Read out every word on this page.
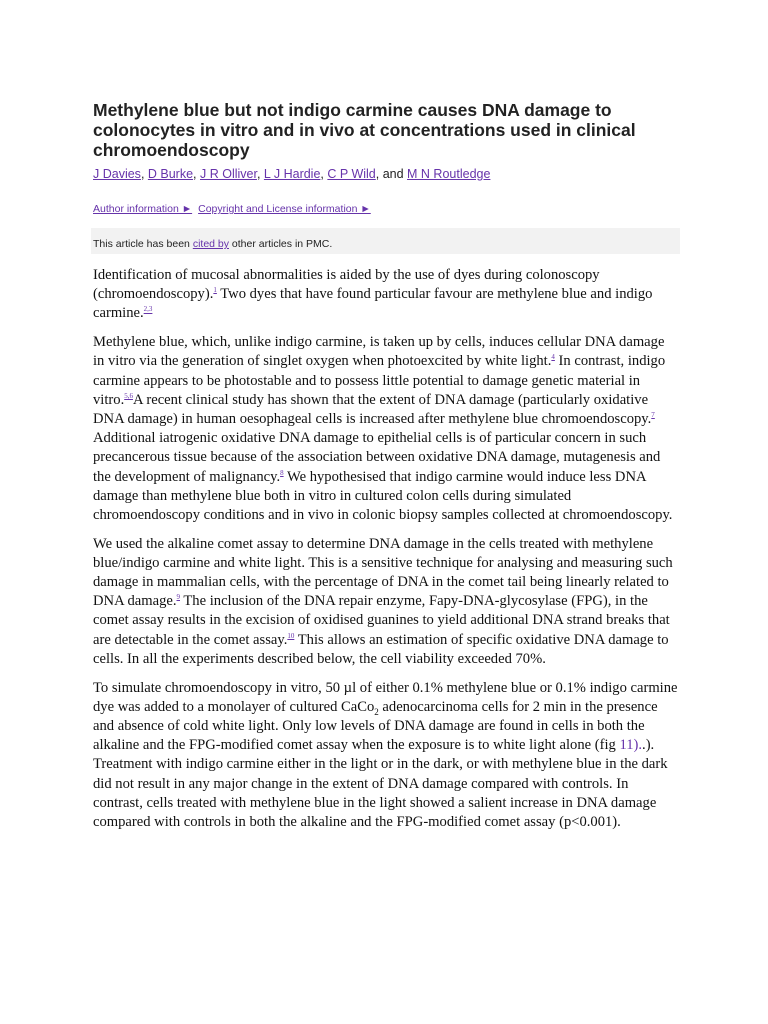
Methylene blue but not indigo carmine causes DNA damage to colonocytes in vitro and in vivo at concentrations used in clinical chromoendoscopy
J Davies, D Burke, J R Olliver, L J Hardie, C P Wild, and M N Routledge
Author information ► Copyright and License information ►
This article has been cited by other articles in PMC.

Identification of mucosal abnormalities is aided by the use of dyes during colonoscopy (chromoendoscopy).$^1$ Two dyes that have found particular favour are methylene blue and indigo carmine.$^{2,3}$

Methylene blue, which, unlike indigo carmine, is taken up by cells, induces cellular DNA damage in vitro via the generation of singlet oxygen when photoexcited by white light.$^4$ In contrast, indigo carmine appears to be photostable and to possess little potential to damage genetic material in vitro.$^{5,6}$A recent clinical study has shown that the extent of DNA damage (particularly oxidative DNA damage) in human oesophageal cells is increased after methylene blue chromoendoscopy.$^7$ Additional iatrogenic oxidative DNA damage to epithelial cells is of particular concern in such precancerous tissue because of the association between oxidative DNA damage, mutagenesis and the development of malignancy.$^8$ We hypothesised that indigo carmine would induce less DNA damage than methylene blue both in vitro in cultured colon cells during simulated chromoendoscopy conditions and in vivo in colonic biopsy samples collected at chromoendoscopy.

We used the alkaline comet assay to determine DNA damage in the cells treated with methylene blue/indigo carmine and white light. This is a sensitive technique for analysing and measuring such damage in mammalian cells, with the percentage of DNA in the comet tail being linearly related to DNA damage.$^9$ The inclusion of the DNA repair enzyme, Fapy-DNA-glycosylase (FPG), in the comet assay results in the excision of oxidised guanines to yield additional DNA strand breaks that are detectable in the comet assay.$^{10}$ This allows an estimation of specific oxidative DNA damage to cells. In all the experiments described below, the cell viability exceeded 70%.

To simulate chromoendoscopy in vitro, 50 µl of either 0.1% methylene blue or 0.1% indigo carmine dye was added to a monolayer of cultured CaCo$_2$ adenocarcinoma cells for 2 min in the presence and absence of cold white light. Only low levels of DNA damage are found in cells in both the alkaline and the FPG-modified comet assay when the exposure is to white light alone (fig 11)..). Treatment with indigo carmine either in the light or in the dark, or with methylene blue in the dark did not result in any major change in the extent of DNA damage compared with controls. In contrast, cells treated with methylene blue in the light showed a salient increase in DNA damage compared with controls in both the alkaline and the FPG-modified comet assay (p<0.001).
